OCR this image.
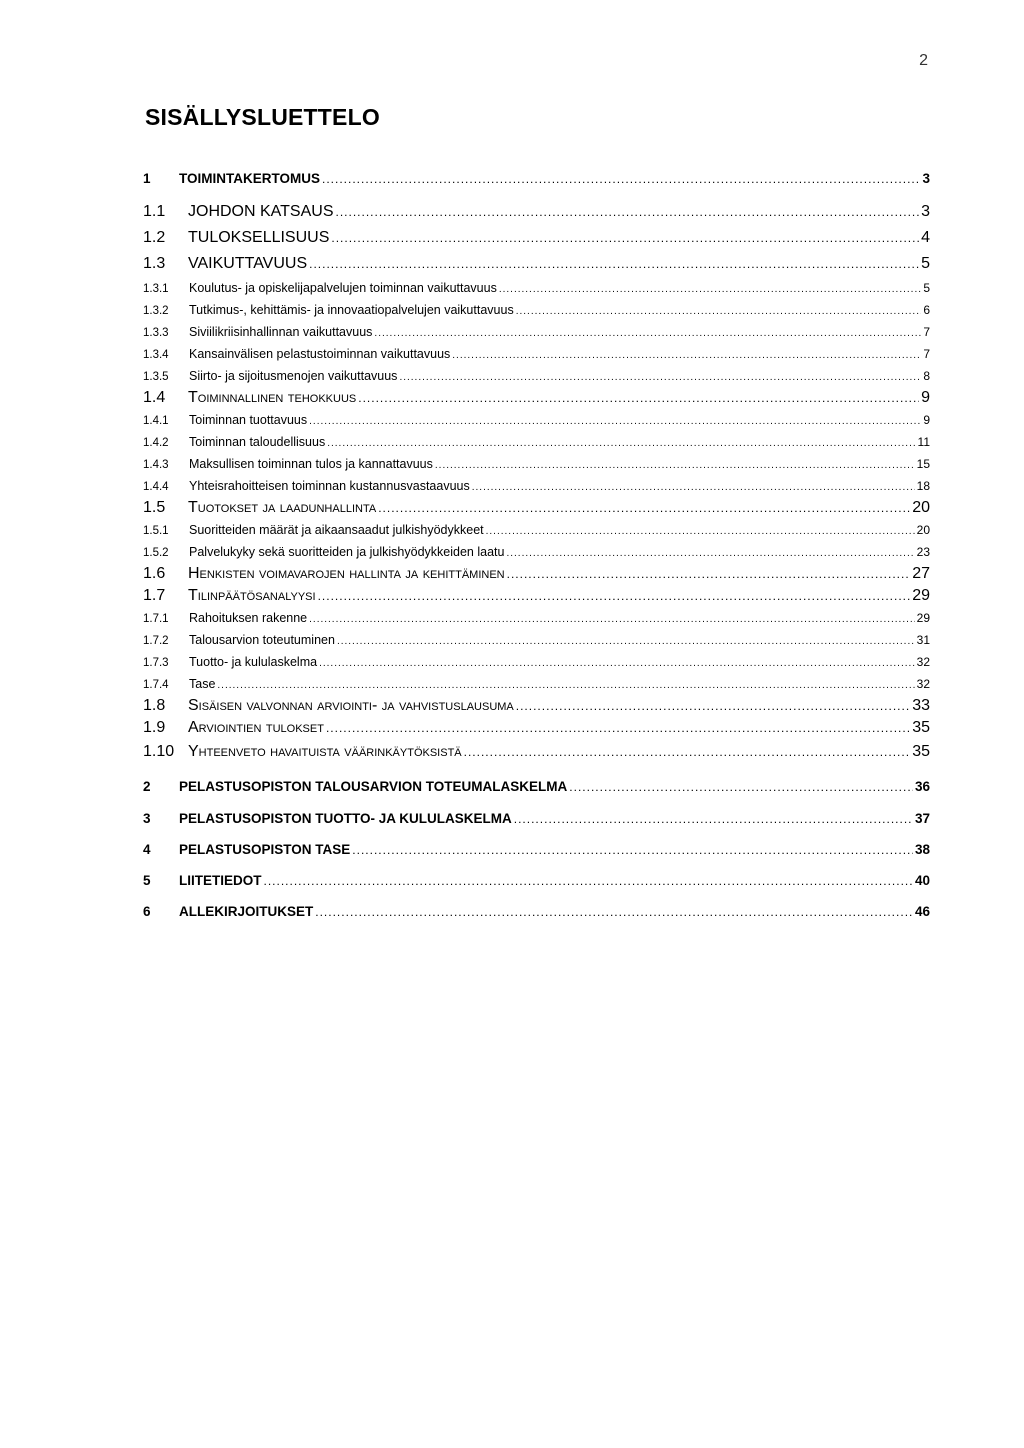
2
SISÄLLYSLUETTELO
1	TOIMINTAKERTOMUS .....	3
1.1	JOHDON KATSAUS .....	3
1.2	TULOKSELLISUUS .....	4
1.3	VAIKUTTAVUUS .....	5
1.3.1	Koulutus- ja opiskelijapalvelujen toiminnan vaikuttavuus .....	5
1.3.2	Tutkimus-, kehittämis- ja innovaatiopalvelujen vaikuttavuus .....	6
1.3.3	Siviilikriisinhallinnan vaikuttavuus .....	7
1.3.4	Kansainvälisen pelastustoiminnan vaikuttavuus .....	7
1.3.5	Siirto- ja sijoitusmenojen vaikuttavuus .....	8
1.4	Toiminnallinen tehokkuus .....	9
1.4.1	Toiminnan tuottavuus .....	9
1.4.2	Toiminnan taloudellisuus .....	11
1.4.3	Maksullisen toiminnan tulos ja kannattavuus .....	15
1.4.4	Yhteisrahoitteisen toiminnan kustannusvastaavuus .....	18
1.5	Tuotokset ja laadunhallinta .....	20
1.5.1	Suoritteiden määrät ja aikaansaadut julkishyödykkeet .....	20
1.5.2	Palvelukyky sekä suoritteiden ja julkishyödykkeiden laatu .....	23
1.6	Henkisten voimavarojen hallinta ja kehittäminen .....	27
1.7	Tilinpäätösanalyysi .....	29
1.7.1	Rahoituksen rakenne .....	29
1.7.2	Talousarvion toteutuminen .....	31
1.7.3	Tuotto- ja kululaskelma .....	32
1.7.4	Tase .....	32
1.8	Sisäisen valvonnan arviointi- ja vahvistuslausuma .....	33
1.9	Arviointien tulokset .....	35
1.10 Yhteenveto havaituista väärinkäytöksistä .....	35
2	PELASTUSOPISTON TALOUSARVION TOTEUMALASKELMA .....	36
3	PELASTUSOPISTON TUOTTO- JA KULULASKELMA .....	37
4	PELASTUSOPISTON TASE .....	38
5	LIITETIEDOT .....	40
6	ALLEKIRJOITUKSET .....	46
